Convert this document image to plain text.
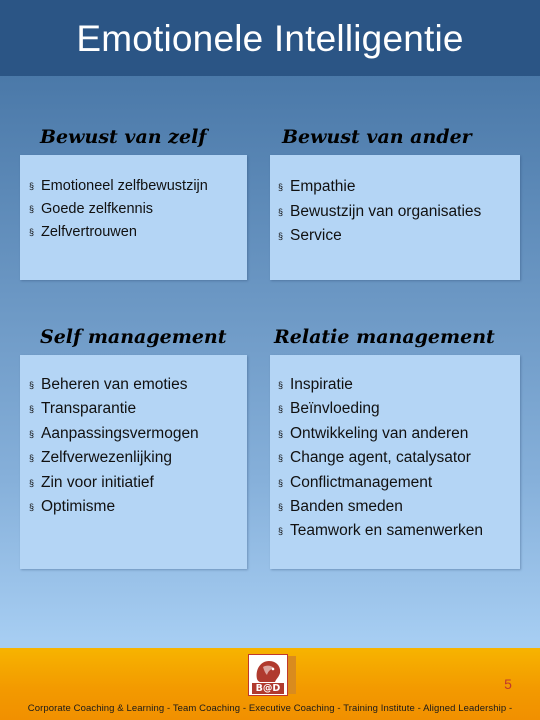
Emotionele Intelligentie
Bewust van zelf	Bewust van ander
Self management Relatie management
§ Emotioneel zelfbewustzijn
§ Goede zelfkennis
§ Zelfvertrouwen
§ Empathie
§ Bewustzijn van organisaties
§ Service
§ Beheren van emoties
§ Transparantie
§ Aanpassingsvermogen
§ Zelfverwezenlijking
§ Zin voor initiatief
§ Optimisme
§ Inspiratie
§ Beïnvloeding
§ Ontwikkeling van anderen
§ Change agent, catalysator
§ Conflictmanagement
§ Banden smeden
§ Teamwork en samenwerken
B@D	5
Corporate Coaching & Learning - Team Coaching - Executive Coaching - Training Institute - Aligned Leadership -
